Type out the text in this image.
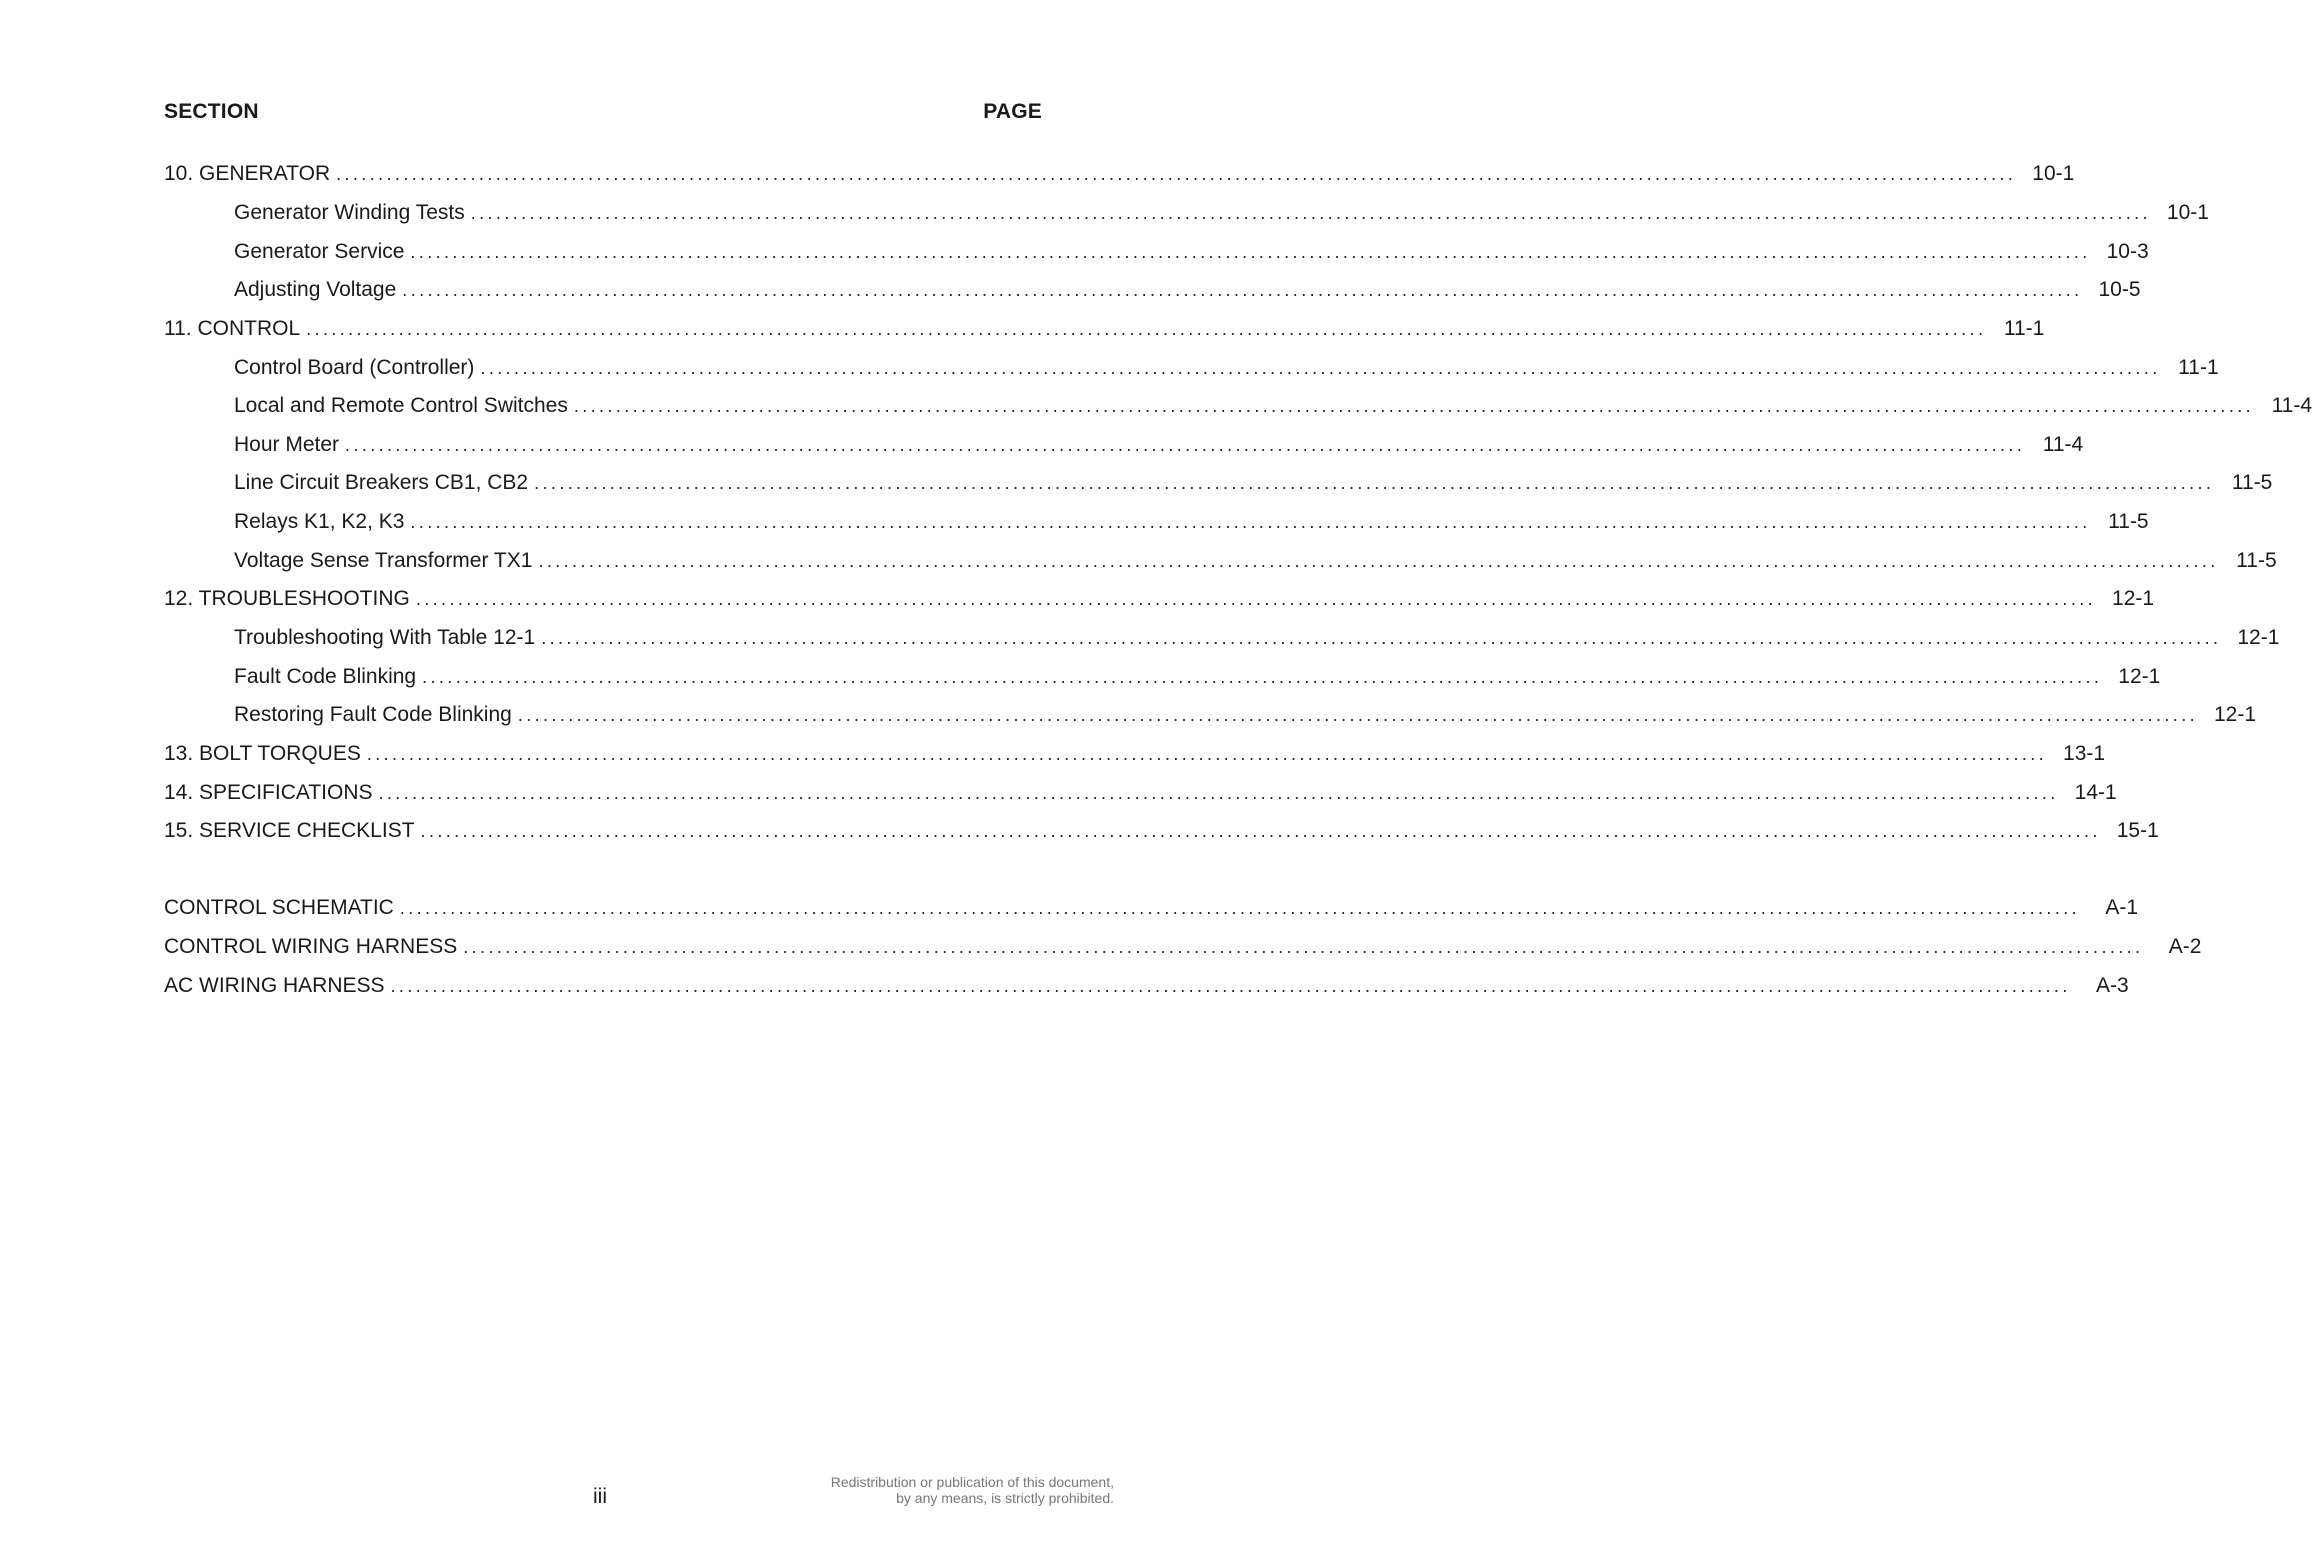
SECTION	PAGE
10. GENERATOR ........................................................................................................................................................................................................ 10-1
Generator Winding Tests ........................................................................................................................................................................................................ 10-1
Generator Service ........................................................................................................................................................................................................ 10-3
Adjusting Voltage ........................................................................................................................................................................................................ 10-5
11. CONTROL ........................................................................................................................................................................................................ 11-1
Control Board (Controller) ........................................................................................................................................................................................................ 11-1
Local and Remote Control Switches ........................................................................................................................................................................................................ 11-4
Hour Meter ........................................................................................................................................................................................................ 11-4
Line Circuit Breakers CB1, CB2 ........................................................................................................................................................................................................ 11-5
Relays K1, K2, K3 ........................................................................................................................................................................................................ 11-5
Voltage Sense Transformer TX1 ........................................................................................................................................................................................................ 11-5
12. TROUBLESHOOTING ........................................................................................................................................................................................................ 12-1
Troubleshooting With Table 12-1 ........................................................................................................................................................................................................ 12-1
Fault Code Blinking ........................................................................................................................................................................................................ 12-1
Restoring Fault Code Blinking ........................................................................................................................................................................................................ 12-1
13. BOLT TORQUES ........................................................................................................................................................................................................ 13-1
14. SPECIFICATIONS ........................................................................................................................................................................................................ 14-1
15. SERVICE CHECKLIST ........................................................................................................................................................................................................ 15-1
CONTROL SCHEMATIC ........................................................................................................................................................................................................	A-1
CONTROL WIRING HARNESS ........................................................................................................................................................................................................	A-2
AC WIRING HARNESS ........................................................................................................................................................................................................	A-3
iii
Redistribution or publication of this document,
by any means, is strictly prohibited.
